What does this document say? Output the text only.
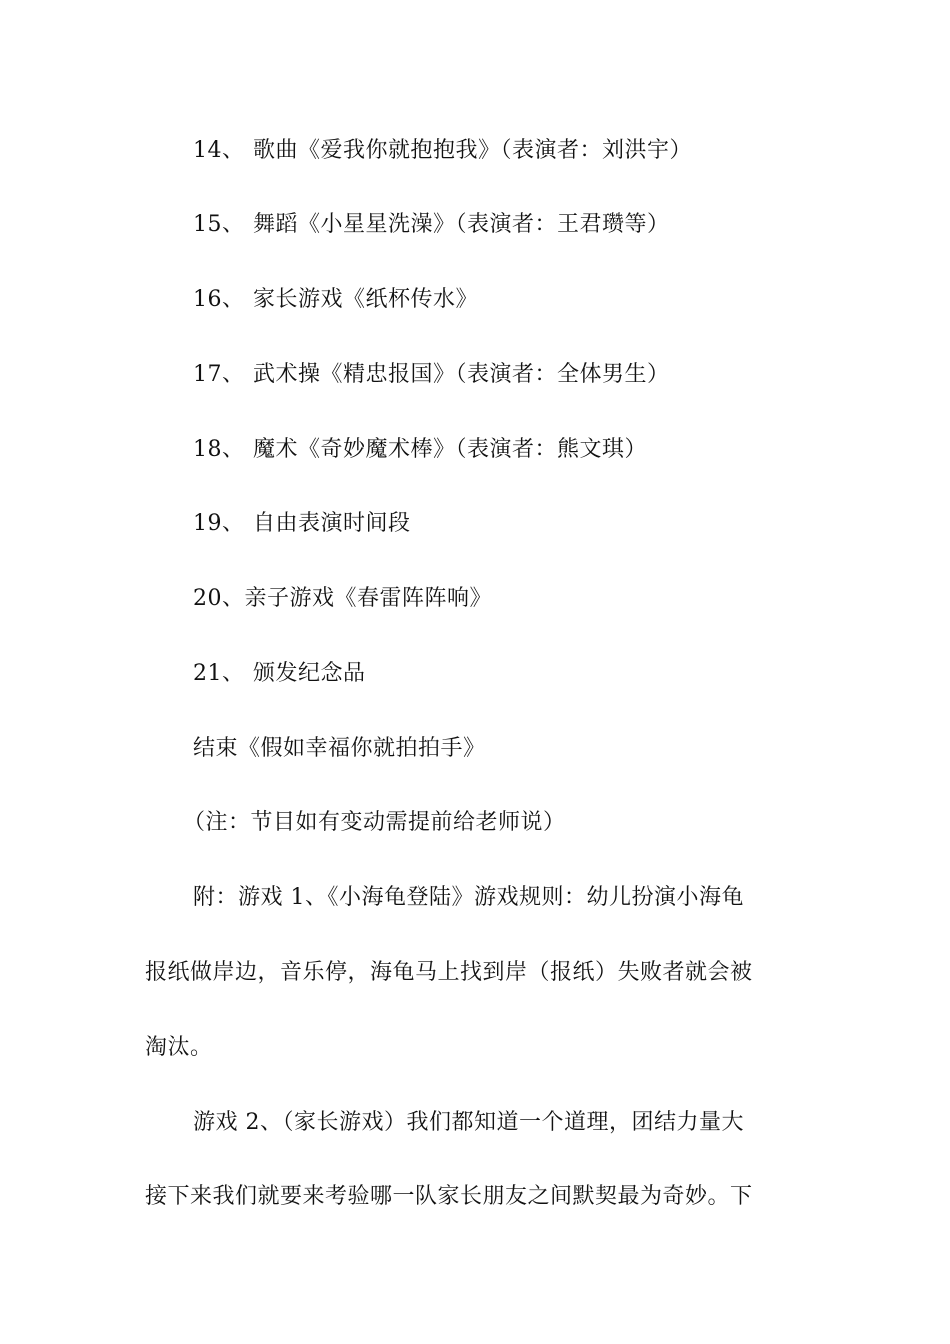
14、 歌曲《爱我你就抱抱我》（表演者：刘洪宇）
15、 舞蹈《小星星洗澡》（表演者：王君瓒等）
16、 家长游戏《纸杯传水》
17、 武术操《精忠报国》（表演者：全体男生）
18、 魔术《奇妙魔术棒》（表演者：熊文琪）
19、 自由表演时间段
20、亲子游戏《春雷阵阵响》
21、 颁发纪念品
结束《假如幸福你就拍拍手》
（注：节目如有变动需提前给老师说）
附：游戏 1、《小海龟登陆》游戏规则：幼儿扮演小海龟
报纸做岸边，音乐停，海龟马上找到岸（报纸）失败者就会被
淘汰。
游戏 2、（家长游戏）我们都知道一个道理，团结力量大
接下来我们就要来考验哪一队家长朋友之间默契最为奇妙。下
